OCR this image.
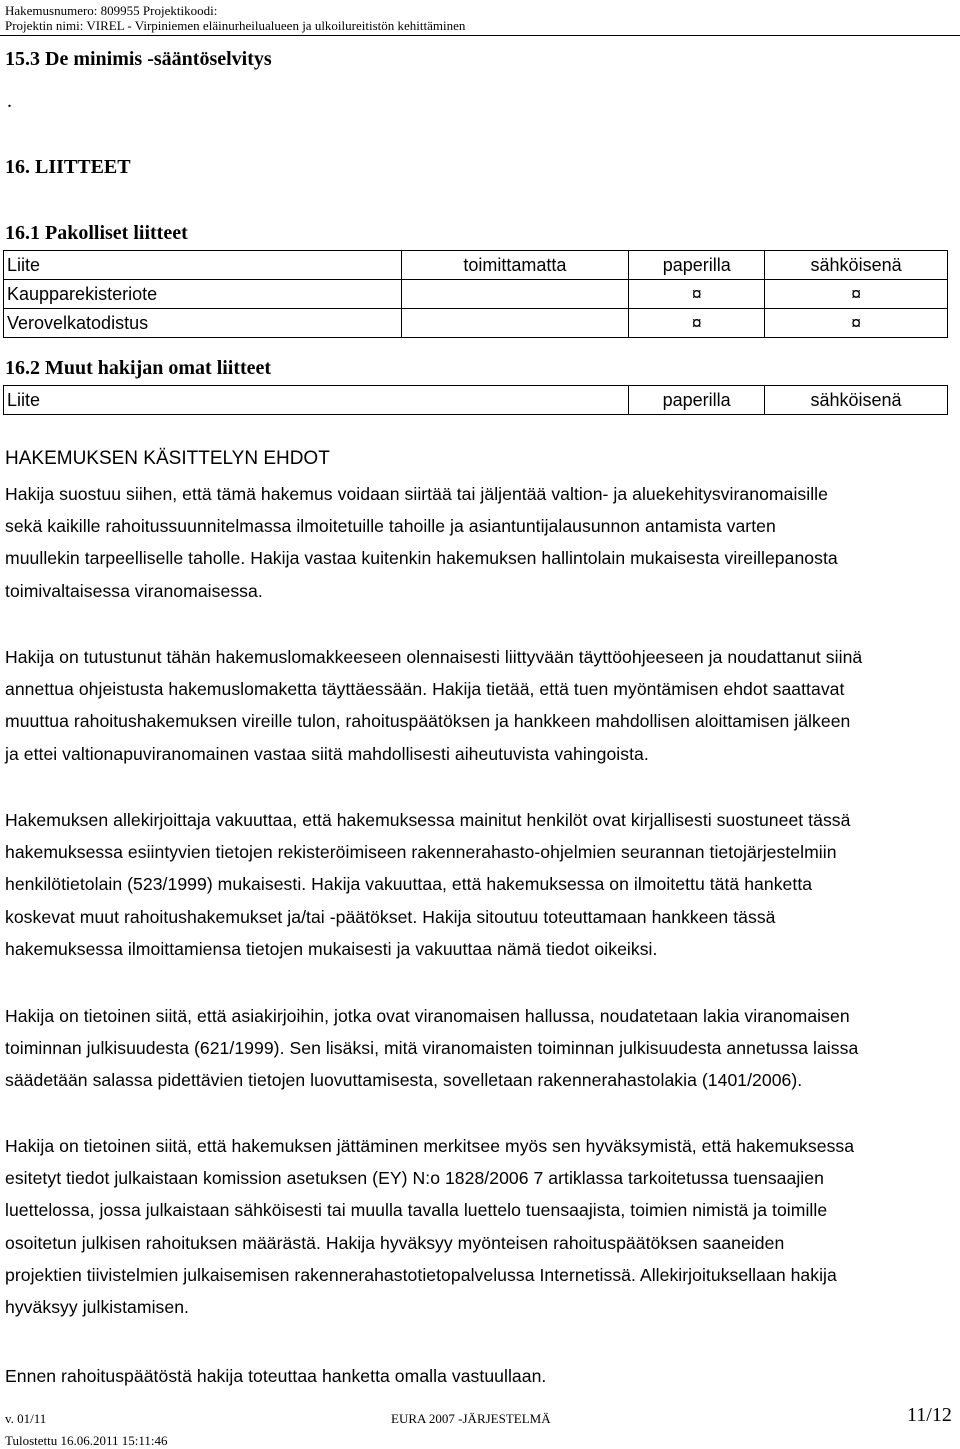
Hakemusnumero: 809955 Projektikoodi:
Projektin nimi: VIREL - Virpiniemen eläinurheilualueen ja ulkoilureitistön kehittäminen
15.3 De minimis -sääntöselvitys
.
16. LIITTEET
16.1 Pakolliset liitteet
Liite	toimittamatta	paperilla	sähköisenä
Kaupparekisteriote		¤	¤
Verovelkatodistus		¤	¤
16.2 Muut hakijan omat liitteet
Liite	paperilla	sähköisenä
HAKEMUKSEN KÄSITTELYN EHDOT
Hakija suostuu siihen, että tämä hakemus voidaan siirtää tai jäljentää valtion- ja aluekehitysviranomaisille
sekä kaikille rahoitussuunnitelmassa ilmoitetuille tahoille ja asiantuntijalausunnon antamista varten
muullekin tarpeelliselle taholle. Hakija vastaa kuitenkin hakemuksen hallintolain mukaisesta vireillepanosta
toimivaltaisessa viranomaisessa.
Hakija on tutustunut tähän hakemuslomakkeeseen olennaisesti liittyvään täyttöohjeeseen ja noudattanut siinä
annettua ohjeistusta hakemuslomaketta täyttäessään. Hakija tietää, että tuen myöntämisen ehdot saattavat
muuttua rahoitushakemuksen vireille tulon, rahoituspäätöksen ja hankkeen mahdollisen aloittamisen jälkeen
ja ettei valtionapuviranomainen vastaa siitä mahdollisesti aiheutuvista vahingoista.
Hakemuksen allekirjoittaja vakuuttaa, että hakemuksessa mainitut henkilöt ovat kirjallisesti suostuneet tässä
hakemuksessa esiintyvien tietojen rekisteröimiseen rakennerahasto-ohjelmien seurannan tietojärjestelmiin
henkilötietolain (523/1999) mukaisesti. Hakija vakuuttaa, että hakemuksessa on ilmoitettu tätä hanketta
koskevat muut rahoitushakemukset ja/tai -päätökset. Hakija sitoutuu toteuttamaan hankkeen tässä
hakemuksessa ilmoittamiensa tietojen mukaisesti ja vakuuttaa nämä tiedot oikeiksi.
Hakija on tietoinen siitä, että asiakirjoihin, jotka ovat viranomaisen hallussa, noudatetaan lakia viranomaisen
toiminnan julkisuudesta (621/1999). Sen lisäksi, mitä viranomaisten toiminnan julkisuudesta annetussa laissa
säädetään salassa pidettävien tietojen luovuttamisesta, sovelletaan rakennerahastolakia (1401/2006).
Hakija on tietoinen siitä, että hakemuksen jättäminen merkitsee myös sen hyväksymistä, että hakemuksessa
esitetyt tiedot julkaistaan komission asetuksen (EY) N:o 1828/2006 7 artiklassa tarkoitetussa tuensaajien
luettelossa, jossa julkaistaan sähköisesti tai muulla tavalla luettelo tuensaajista, toimien nimistä ja toimille
osoitetun julkisen rahoituksen määrästä. Hakija hyväksyy myönteisen rahoituspäätöksen saaneiden
projektien tiivistelmien julkaisemisen rakennerahastotietopalvelussa Internetissä. Allekirjoituksellaan hakija
hyväksyy julkistamisen.
Ennen rahoituspäätöstä hakija toteuttaa hanketta omalla vastuullaan.
v. 01/11	EURA 2007 -JÄRJESTELMÄ	11/12
Tulostettu 16.06.2011 15:11:46
